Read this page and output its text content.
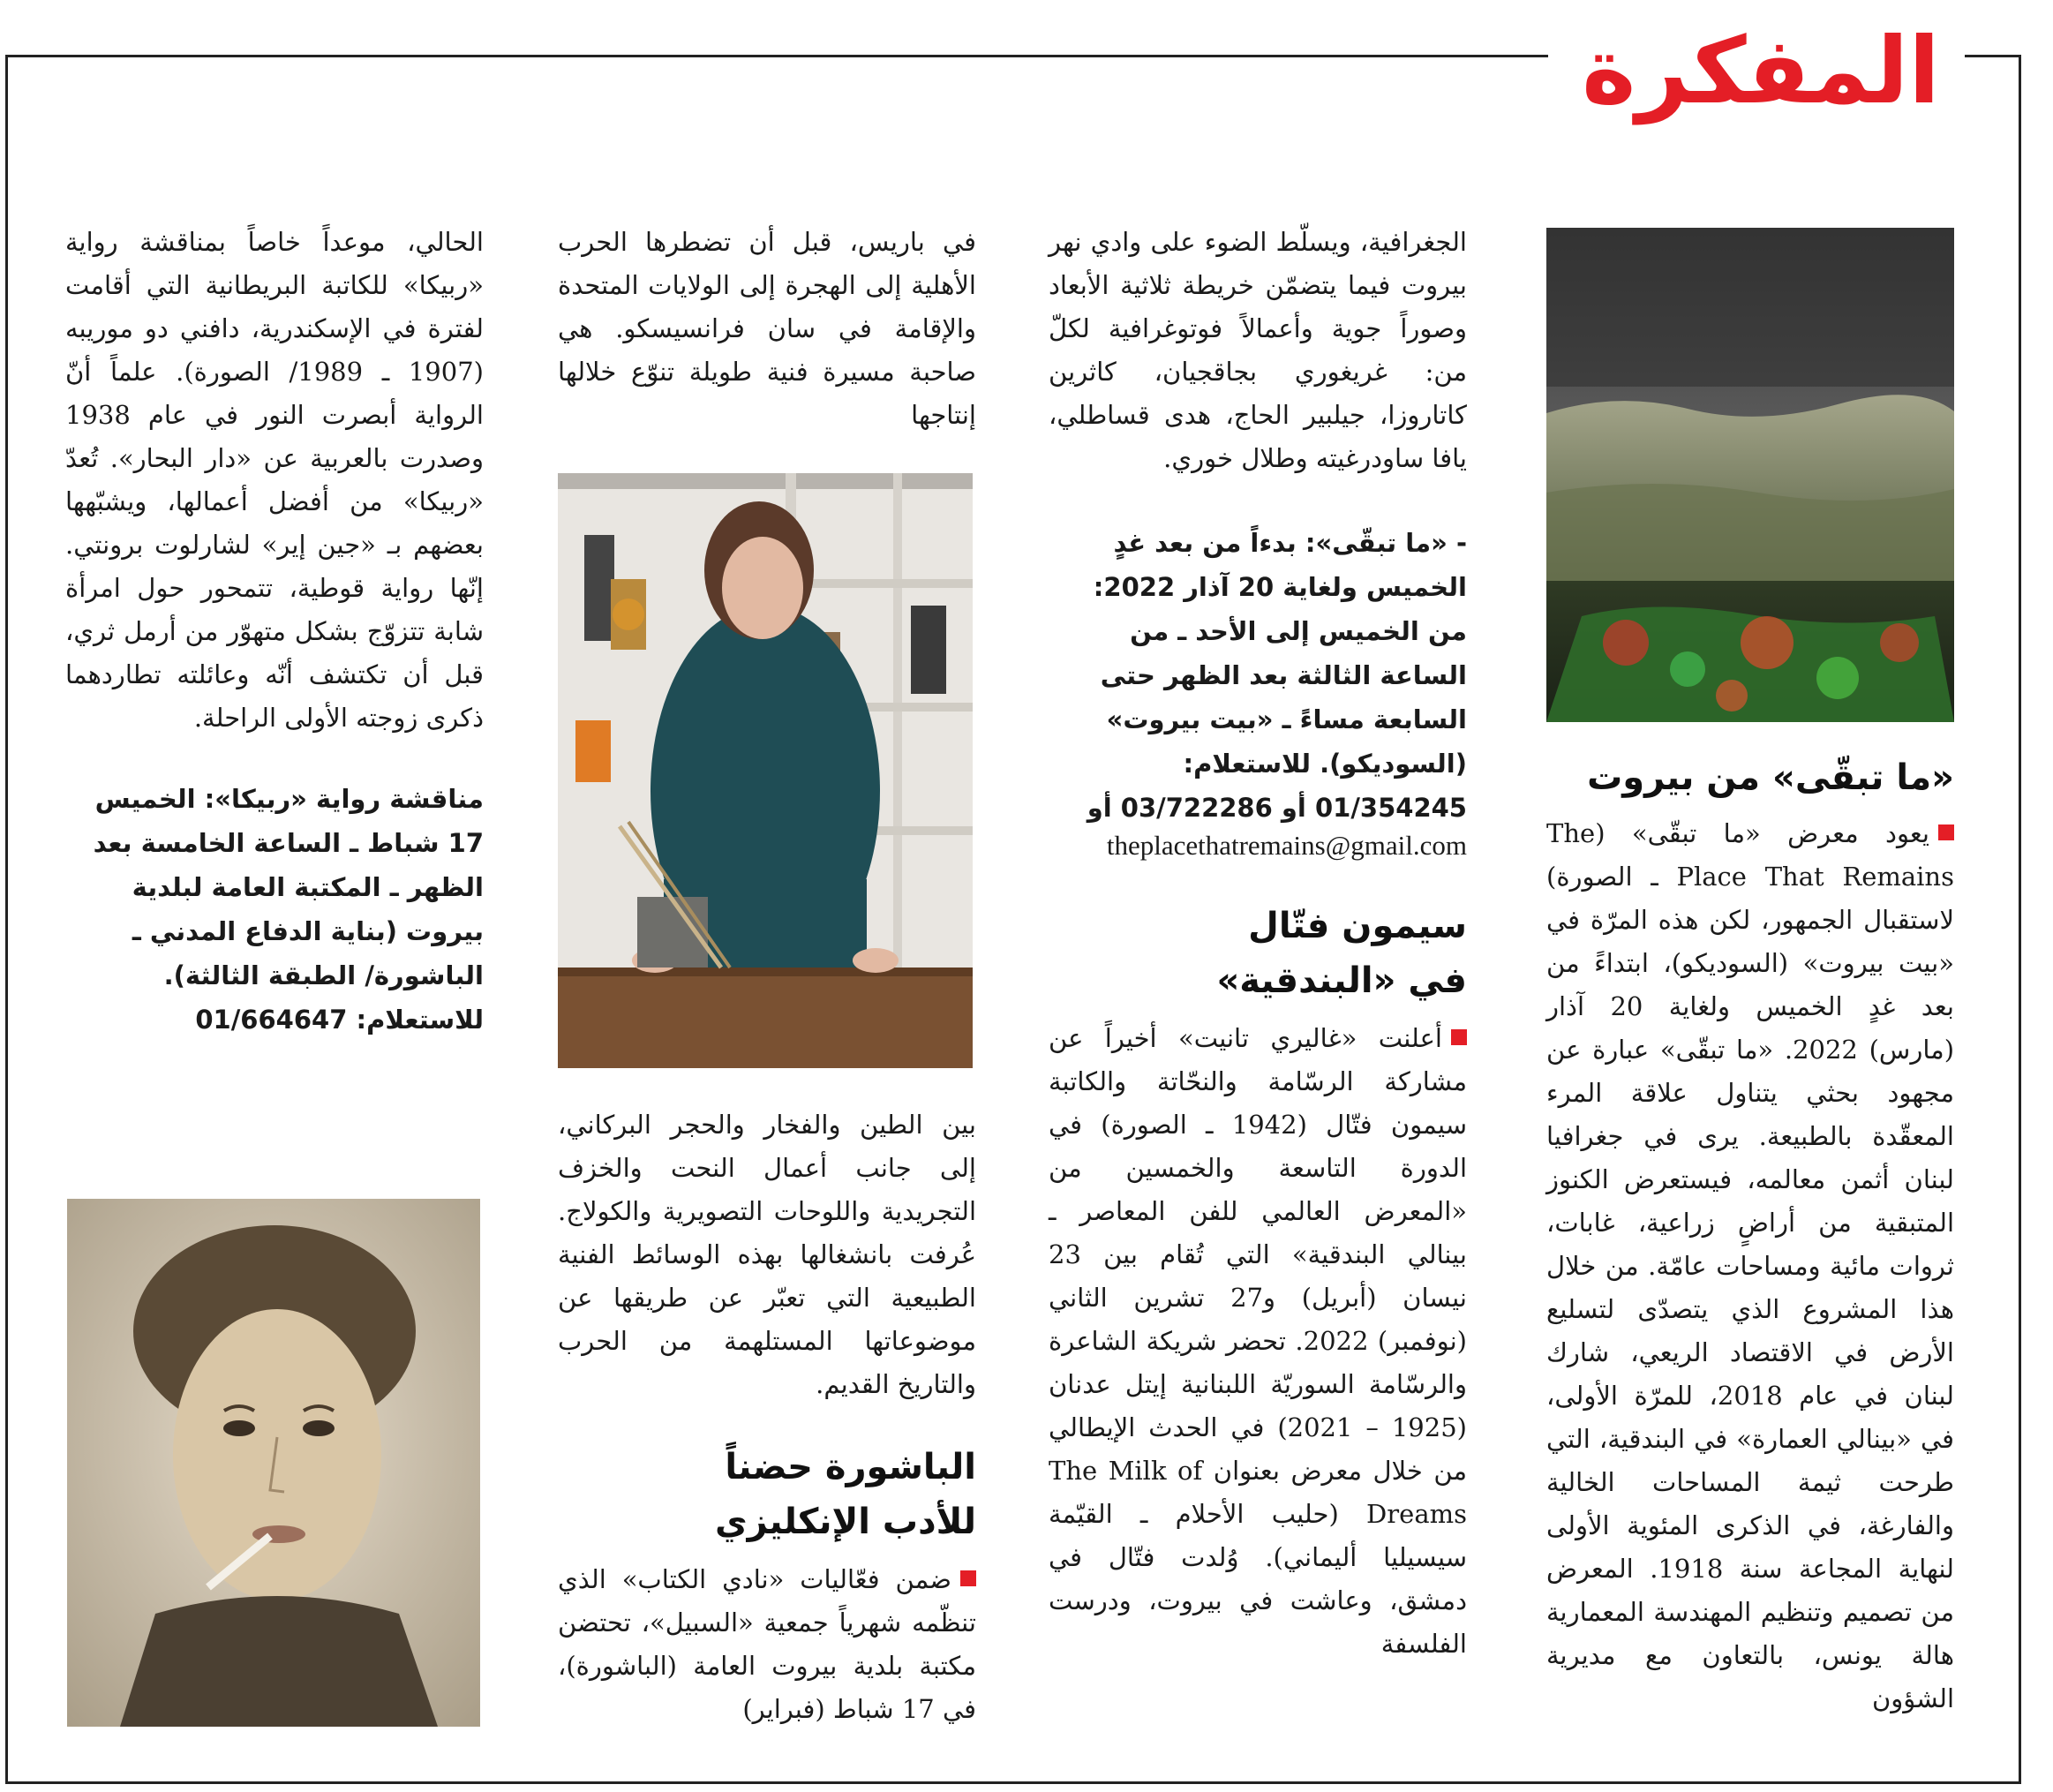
المفكرة
«ما تبقّى» من بيروت

يعود معرض «ما تبقّى» (The Place That Remains ـ الصورة) لاستقبال الجمهور، لكن هذه المرّة في «بيت بيروت» (السوديكو)، ابتداءً من بعد غدٍ الخميس ولغاية 20 آذار (مارس) 2022. «ما تبقّى» عبارة عن مجهود بحثي يتناول علاقة المرء المعقّدة بالطبيعة. يرى في جغرافيا لبنان أثمن معالمه، فيستعرض الكنوز المتبقية من أراضٍ زراعية، غابات، ثروات مائية ومساحات عامّة. من خلال هذا المشروع الذي يتصدّى لتسليع الأرض في الاقتصاد الريعي، شارك لبنان في عام 2018، للمرّة الأولى، في «بينالي العمارة» في البندقية، التي طرحت ثيمة المساحات الخالية والفارغة، في الذكرى المئوية الأولى لنهاية المجاعة سنة 1918. المعرض من تصميم وتنظيم المهندسة المعمارية هالة يونس، بالتعاون مع مديرية الشؤون

الجغرافية، ويسلّط الضوء على وادي نهر بيروت فيما يتضمّن خريطة ثلاثية الأبعاد وصوراً جوية وأعمالاً فوتوغرافية لكلّ من: غريغوري بجاقجيان، كاثرين كاتاروزا، جيلبير الحاج، هدى قساطلي، يافا ساودرغيته وطلال خوري.

- «ما تبقّى»: بدءاً من بعد غدٍ الخميس ولغاية 20 آذار 2022: من الخميس إلى الأحد ـ من الساعة الثالثة بعد الظهر حتى السابعة مساءً ـ «بيت بيروت» (السوديكو). للاستعلام: 01/354245 أو 03/722286 أو

theplacethatremains@gmail.com
سيمون فتّال في «البندقية»

أعلنت «غاليري تانيت» أخيراً عن مشاركة الرسّامة والنحّاتة والكاتبة سيمون فتّال (1942 ـ الصورة) في الدورة التاسعة والخمسين من «المعرض العالمي للفن المعاصر ـ بينالي البندقية» التي تُقام بين 23 نيسان (أبريل) و27 تشرين الثاني (نوفمبر) 2022. تحضر شريكة الشاعرة والرسّامة السوريّة اللبنانية إيتل عدنان (1925 – 2021) في الحدث الإيطالي من خلال معرض بعنوان The Milk of Dreams (حليب الأحلام ـ القيّمة سيسيليا أليماني). وُلدت فتّال في دمشق، وعاشت في بيروت، ودرست الفلسفة

في باريس، قبل أن تضطرها الحرب الأهلية إلى الهجرة إلى الولايات المتحدة والإقامة في سان فرانسيسكو. هي صاحبة مسيرة فنية طويلة تنوّع خلالها إنتاجها

بين الطين والفخار والحجر البركاني، إلى جانب أعمال النحت والخزف التجريدية واللوحات التصويرية والكولاج. عُرفت بانشغالها بهذه الوسائط الفنية الطبيعية التي تعبّر عن طريقها عن موضوعاتها المستلهمة من الحرب والتاريخ القديم.

الباشورة حضناً للأدب الإنكليزي

ضمن فعّاليات «نادي الكتاب» الذي تنظّمه شهرياً جمعية «السبيل»، تحتضن مكتبة بلدية بيروت العامة (الباشورة)، في 17 شباط (فبراير)

الحالي، موعداً خاصاً بمناقشة رواية «ربيكا» للكاتبة البريطانية التي أقامت لفترة في الإسكندرية، دافني دو موريبه (1907 ـ 1989/ الصورة). علماً أنّ الرواية أبصرت النور في عام 1938 وصدرت بالعربية عن «دار البحار». تُعدّ «ربيكا» من أفضل أعمالها، ويشبّهها بعضهم بـ «جين إير» لشارلوت برونتي. إنّها رواية قوطية، تتمحور حول امرأة شابة تتزوّج بشكل متهوّر من أرمل ثري، قبل أن تكتشف أنّه وعائلته تطاردهما ذكرى زوجته الأولى الراحلة.

مناقشة رواية «ربيكا»: الخميس 17 شباط ـ الساعة الخامسة بعد الظهر ـ المكتبة العامة لبلدية بيروت (بناية الدفاع المدني ـ الباشورة/ الطبقة الثالثة). للاستعلام: 01/664647
